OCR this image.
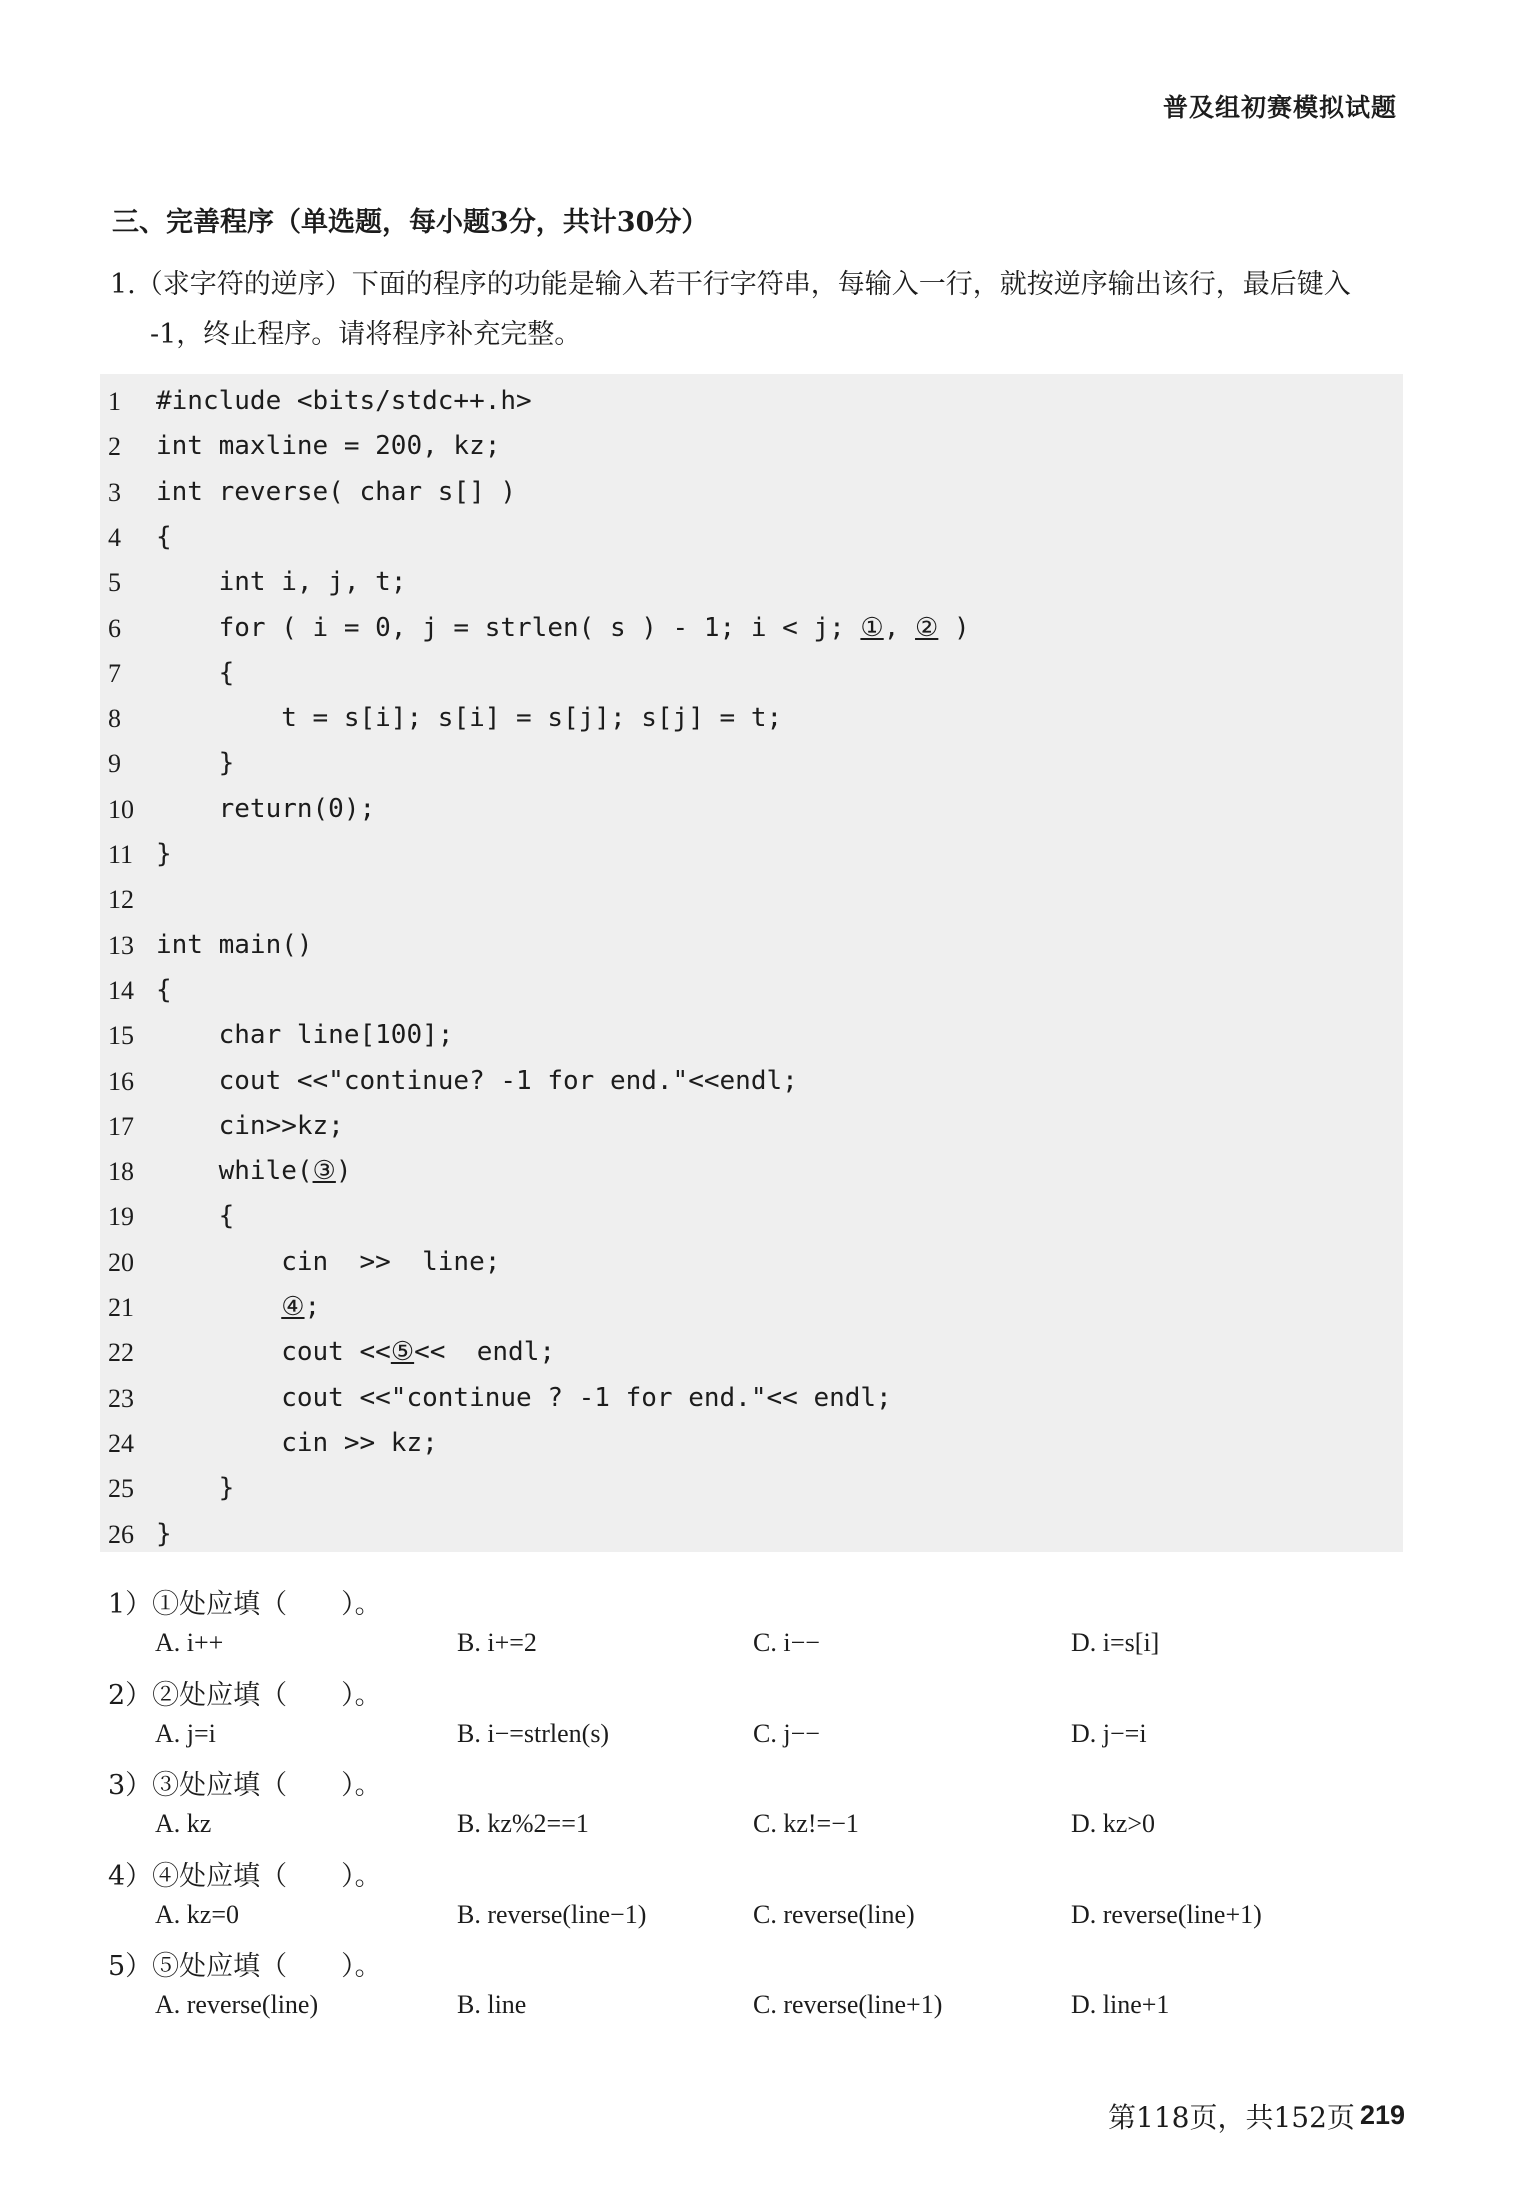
普及组初赛模拟试题
三、完善程序（单选题，每小题3分，共计30分）
1.（求字符的逆序）下面的程序的功能是输入若干行字符串，每输入一行，就按逆序输出该行，最后键入
-1，终止程序。请将程序补充完整。
1	#include <bits/stdc++.h>
2	int maxline = 200, kz;
3	int reverse( char s[] )
4	{
5	int i, j, t;
6	for ( i = 0, j = strlen( s ) - 1; i < j; ①, ② )
7	{
8	t = s[i]; s[i] = s[j]; s[j] = t;
9	}
10 return(0);
11 }
12
13 int main()
14 {
15 char line[100];
16 cout <<"continue? -1 for end."<<endl;
17 cin>>kz;
18 while(③)
19 {
20 cin  >>  line;
21	④;
22 cout <<⑤<<  endl;
23 cout <<"continue ? -1 for end."<< endl;
24 cin >> kz;
25 }
26 }
1）①处应填（　　）。
A. i++	B. i+=2	C. i−−	D. i=s[i]
2）②处应填（　　）。
A. j=i	B. i−=strlen(s)	C. j−−	D. j−=i
3）③处应填（　　）。
A. kz	B. kz%2==1	C. kz!=−1	D. kz>0
4）④处应填（　　）。
A. kz=0	B. reverse(line−1)	C. reverse(line)	D. reverse(line+1)
5）⑤处应填（　　）。
A. reverse(line)	B. line	C. reverse(line+1)	D. line+1
第118页，共152页 219
